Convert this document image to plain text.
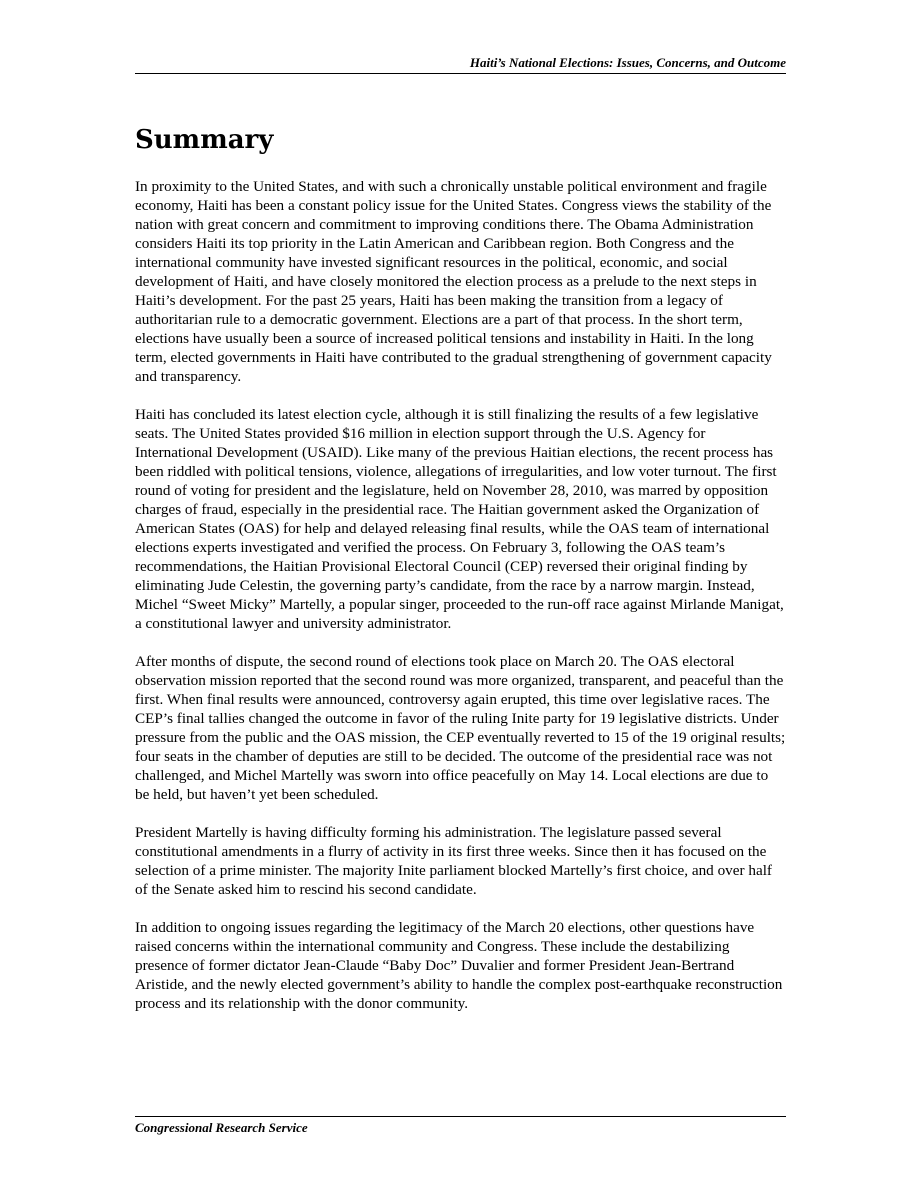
Haiti’s National Elections: Issues, Concerns, and Outcome
Summary

In proximity to the United States, and with such a chronically unstable political environment and fragile economy, Haiti has been a constant policy issue for the United States. Congress views the stability of the nation with great concern and commitment to improving conditions there. The Obama Administration considers Haiti its top priority in the Latin American and Caribbean region. Both Congress and the international community have invested significant resources in the political, economic, and social development of Haiti, and have closely monitored the election process as a prelude to the next steps in Haiti’s development. For the past 25 years, Haiti has been making the transition from a legacy of authoritarian rule to a democratic government. Elections are a part of that process. In the short term, elections have usually been a source of increased political tensions and instability in Haiti. In the long term, elected governments in Haiti have contributed to the gradual strengthening of government capacity and transparency.

Haiti has concluded its latest election cycle, although it is still finalizing the results of a few legislative seats. The United States provided $16 million in election support through the U.S. Agency for International Development (USAID). Like many of the previous Haitian elections, the recent process has been riddled with political tensions, violence, allegations of irregularities, and low voter turnout. The first round of voting for president and the legislature, held on November 28, 2010, was marred by opposition charges of fraud, especially in the presidential race. The Haitian government asked the Organization of American States (OAS) for help and delayed releasing final results, while the OAS team of international elections experts investigated and verified the process. On February 3, following the OAS team’s recommendations, the Haitian Provisional Electoral Council (CEP) reversed their original finding by eliminating Jude Celestin, the governing party’s candidate, from the race by a narrow margin. Instead, Michel “Sweet Micky” Martelly, a popular singer, proceeded to the run-off race against Mirlande Manigat, a constitutional lawyer and university administrator.

After months of dispute, the second round of elections took place on March 20. The OAS electoral observation mission reported that the second round was more organized, transparent, and peaceful than the first. When final results were announced, controversy again erupted, this time over legislative races. The CEP’s final tallies changed the outcome in favor of the ruling Inite party for 19 legislative districts. Under pressure from the public and the OAS mission, the CEP eventually reverted to 15 of the 19 original results; four seats in the chamber of deputies are still to be decided. The outcome of the presidential race was not challenged, and Michel Martelly was sworn into office peacefully on May 14. Local elections are due to be held, but haven’t yet been scheduled.

President Martelly is having difficulty forming his administration. The legislature passed several constitutional amendments in a flurry of activity in its first three weeks. Since then it has focused on the selection of a prime minister. The majority Inite parliament blocked Martelly’s first choice, and over half of the Senate asked him to rescind his second candidate.

In addition to ongoing issues regarding the legitimacy of the March 20 elections, other questions have raised concerns within the international community and Congress. These include the destabilizing presence of former dictator Jean-Claude “Baby Doc” Duvalier and former President Jean-Bertrand Aristide, and the newly elected government’s ability to handle the complex post-earthquake reconstruction process and its relationship with the donor community.

Congressional Research Service
